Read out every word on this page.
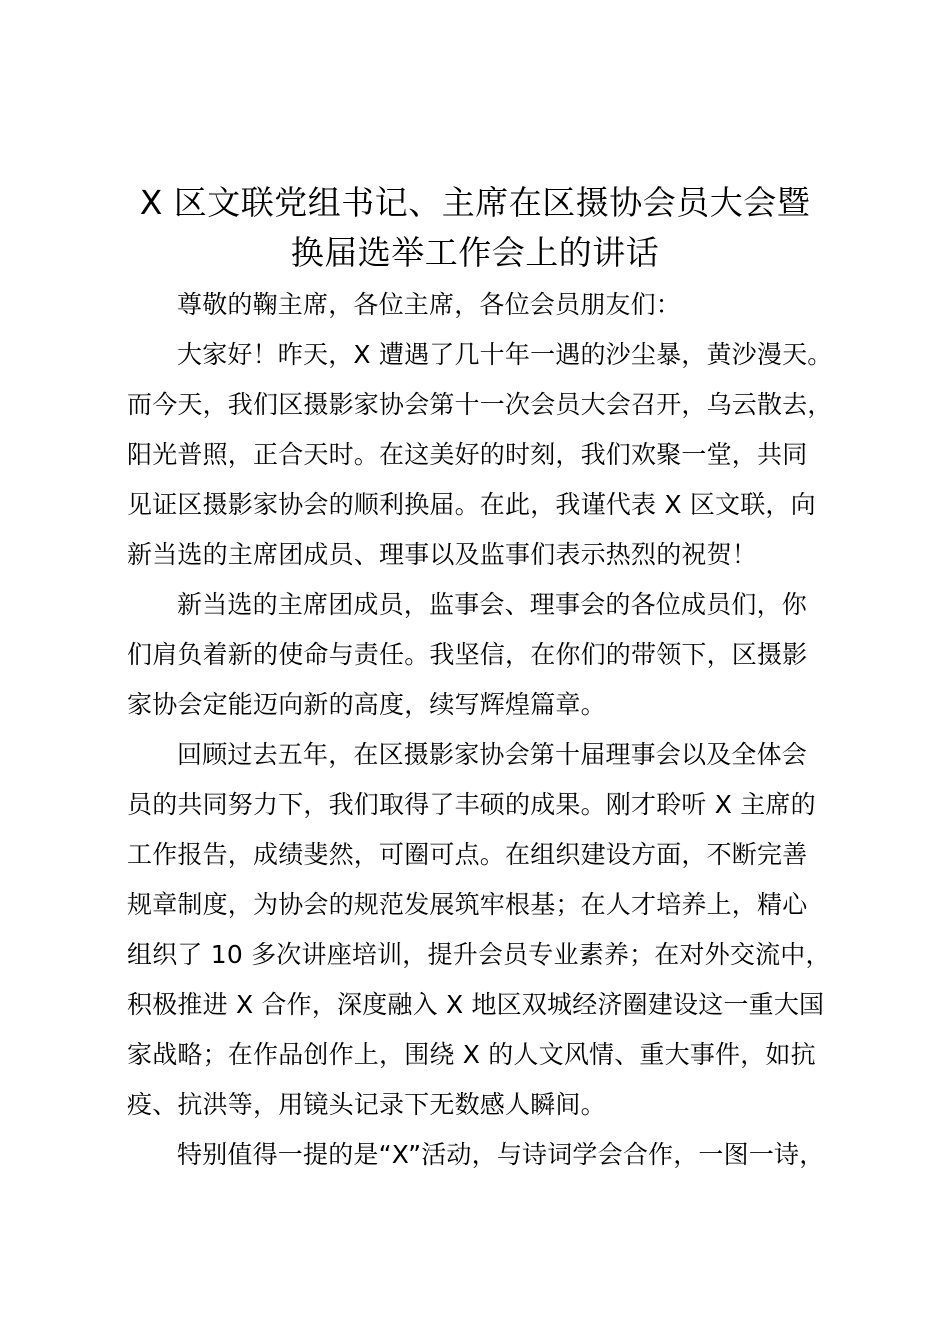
X 区文联党组书记、主席在区摄协会员大会暨
换届选举工作会上的讲话
尊敬的鞠主席，各位主席，各位会员朋友们：
大家好！昨天，X 遭遇了几十年一遇的沙尘暴，黄沙漫天。
而今天，我们区摄影家协会第十一次会员大会召开，乌云散去，
阳光普照，正合天时。在这美好的时刻，我们欢聚一堂，共同
见证区摄影家协会的顺利换届。在此，我谨代表 X 区文联，向
新当选的主席团成员、理事以及监事们表示热烈的祝贺！
新当选的主席团成员，监事会、理事会的各位成员们，你
们肩负着新的使命与责任。我坚信，在你们的带领下，区摄影
家协会定能迈向新的高度，续写辉煌篇章。
回顾过去五年，在区摄影家协会第十届理事会以及全体会
员的共同努力下，我们取得了丰硕的成果。刚才聆听 X 主席的
工作报告，成绩斐然，可圈可点。在组织建设方面，不断完善
规章制度，为协会的规范发展筑牢根基；在人才培养上，精心
组织了 10 多次讲座培训，提升会员专业素养；在对外交流中，
积极推进 X 合作，深度融入 X 地区双城经济圈建设这一重大国
家战略；在作品创作上，围绕 X 的人文风情、重大事件，如抗
疫、抗洪等，用镜头记录下无数感人瞬间。
特别值得一提的是“X”活动，与诗词学会合作，一图一诗，
